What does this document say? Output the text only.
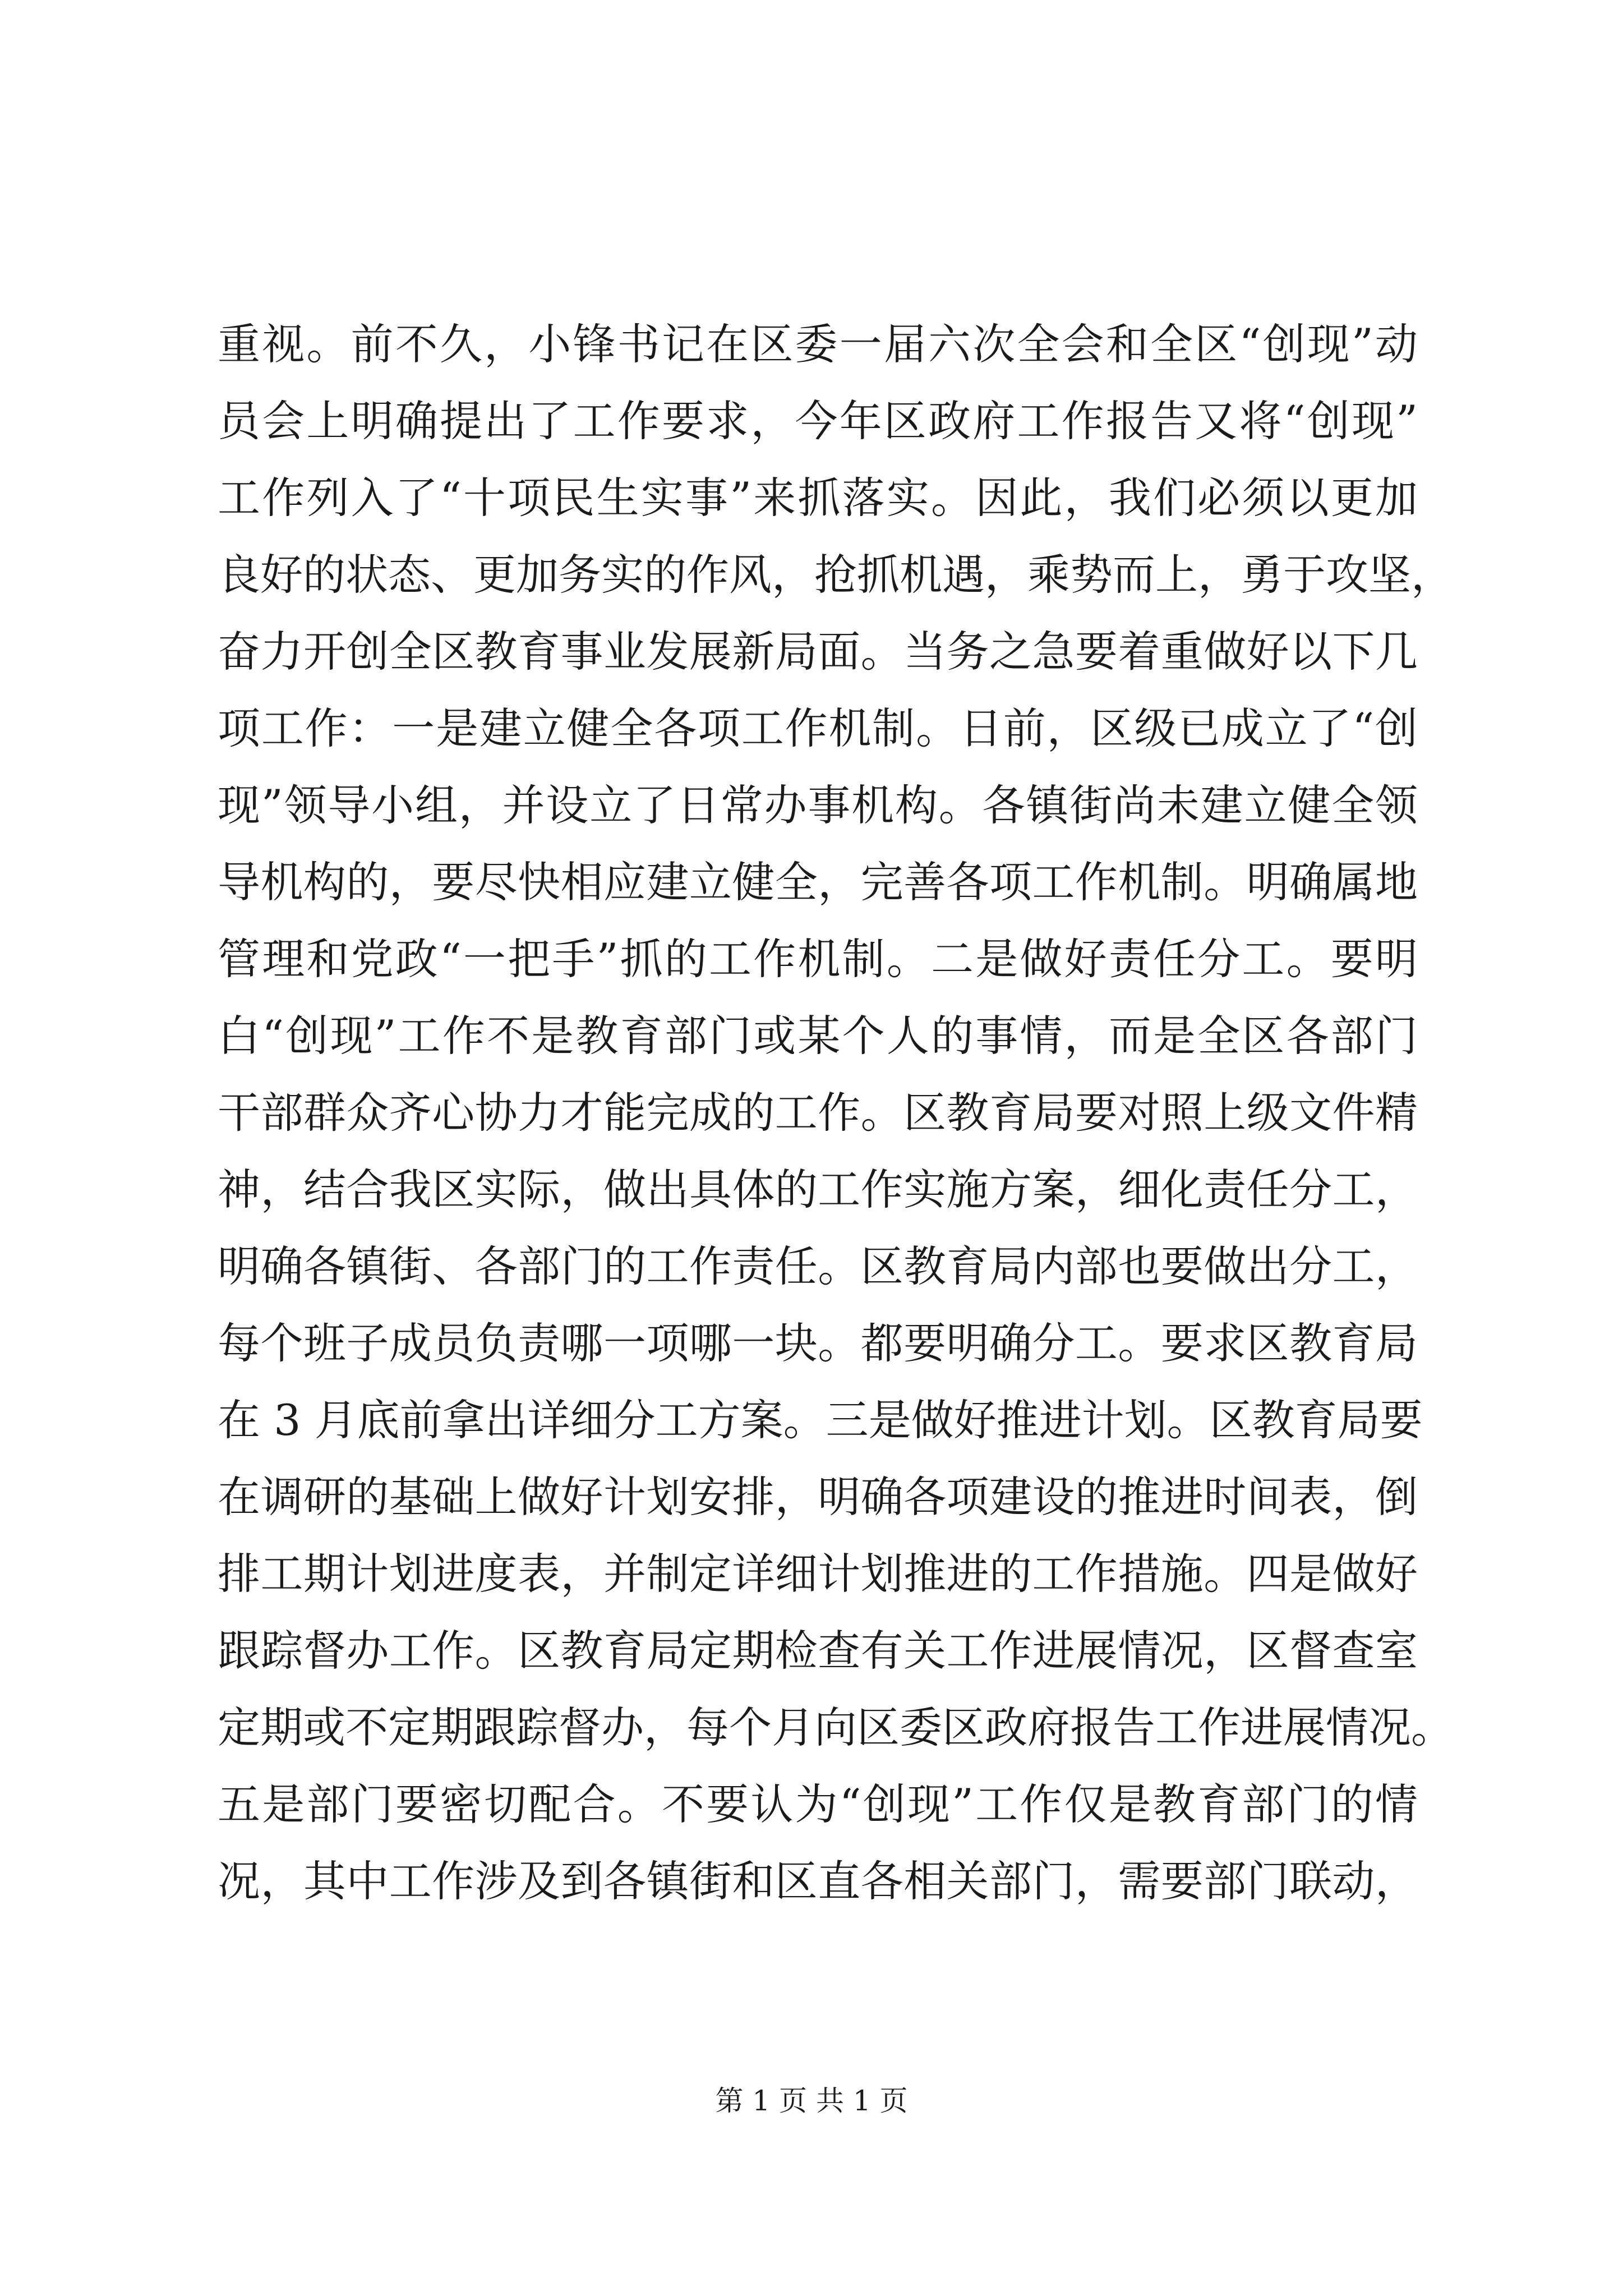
重视。前不久，小锋书记在区委一届六次全会和全区“创现”动
员会上明确提出了工作要求，今年区政府工作报告又将“创现”
工作列入了“十项民生实事”来抓落实。因此，我们必须以更加
良好的状态、更加务实的作风，抢抓机遇，乘势而上，勇于攻坚，
奋力开创全区教育事业发展新局面。当务之急要着重做好以下几
项工作：一是建立健全各项工作机制。日前，区级已成立了“创
现”领导小组，并设立了日常办事机构。各镇街尚未建立健全领
导机构的，要尽快相应建立健全，完善各项工作机制。明确属地
管理和党政“一把手”抓的工作机制。二是做好责任分工。要明
白“创现”工作不是教育部门或某个人的事情，而是全区各部门
干部群众齐心协力才能完成的工作。区教育局要对照上级文件精
神，结合我区实际，做出具体的工作实施方案，细化责任分工，
明确各镇街、各部门的工作责任。区教育局内部也要做出分工，
每个班子成员负责哪一项哪一块。都要明确分工。要求区教育局
在 3 月底前拿出详细分工方案。三是做好推进计划。区教育局要
在调研的基础上做好计划安排，明确各项建设的推进时间表，倒
排工期计划进度表，并制定详细计划推进的工作措施。四是做好
跟踪督办工作。区教育局定期检查有关工作进展情况，区督查室
定期或不定期跟踪督办，每个月向区委区政府报告工作进展情况。
五是部门要密切配合。不要认为“创现”工作仅是教育部门的情
况，其中工作涉及到各镇街和区直各相关部门，需要部门联动，
第 1 页 共 1 页
